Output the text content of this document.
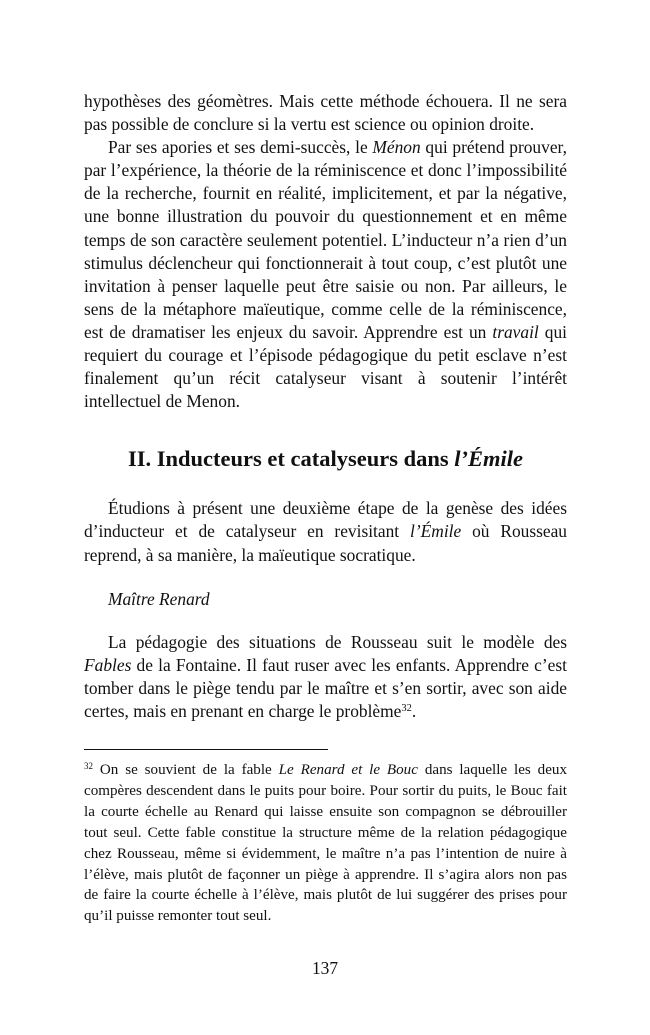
hypothèses des géomètres. Mais cette méthode échouera. Il ne sera pas possible de conclure si la vertu est science ou opinion droite.

Par ses apories et ses demi-succès, le Ménon qui prétend prouver, par l’expérience, la théorie de la réminiscence et donc l’impossibilité de la recherche, fournit en réalité, implicitement, et par la négative, une bonne illustration du pouvoir du questionnement et en même temps de son caractère seulement potentiel. L’inducteur n’a rien d’un stimulus déclencheur qui fonctionnerait à tout coup, c’est plutôt une invitation à penser laquelle peut être saisie ou non. Par ailleurs, le sens de la métaphore maïeutique, comme celle de la réminiscence, est de dramatiser les enjeux du savoir. Apprendre est un travail qui requiert du courage et l’épisode pédagogique du petit esclave n’est finalement qu’un récit catalyseur visant à soutenir l’intérêt intellectuel de Menon.

II. Inducteurs et catalyseurs dans l’Émile

Étudions à présent une deuxième étape de la genèse des idées d’inducteur et de catalyseur en revisitant l’Émile où Rousseau reprend, à sa manière, la maïeutique socratique.

Maître Renard

La pédagogie des situations de Rousseau suit le modèle des Fables de la Fontaine. Il faut ruser avec les enfants. Apprendre c’est tomber dans le piège tendu par le maître et s’en sortir, avec son aide certes, mais en prenant en charge le problème$^{32}$.

$^{32}$ On se souvient de la fable Le Renard et le Bouc dans laquelle les deux compères descendent dans le puits pour boire. Pour sortir du puits, le Bouc fait la courte échelle au Renard qui laisse ensuite son compagnon se débrouiller tout seul. Cette fable constitue la structure même de la relation pédagogique chez Rousseau, même si évidemment, le maître n’a pas l’intention de nuire à l’élève, mais plutôt de façonner un piège à apprendre. Il s’agira alors non pas de faire la courte échelle à l’élève, mais plutôt de lui suggérer des prises pour qu’il puisse remonter tout seul.

137
